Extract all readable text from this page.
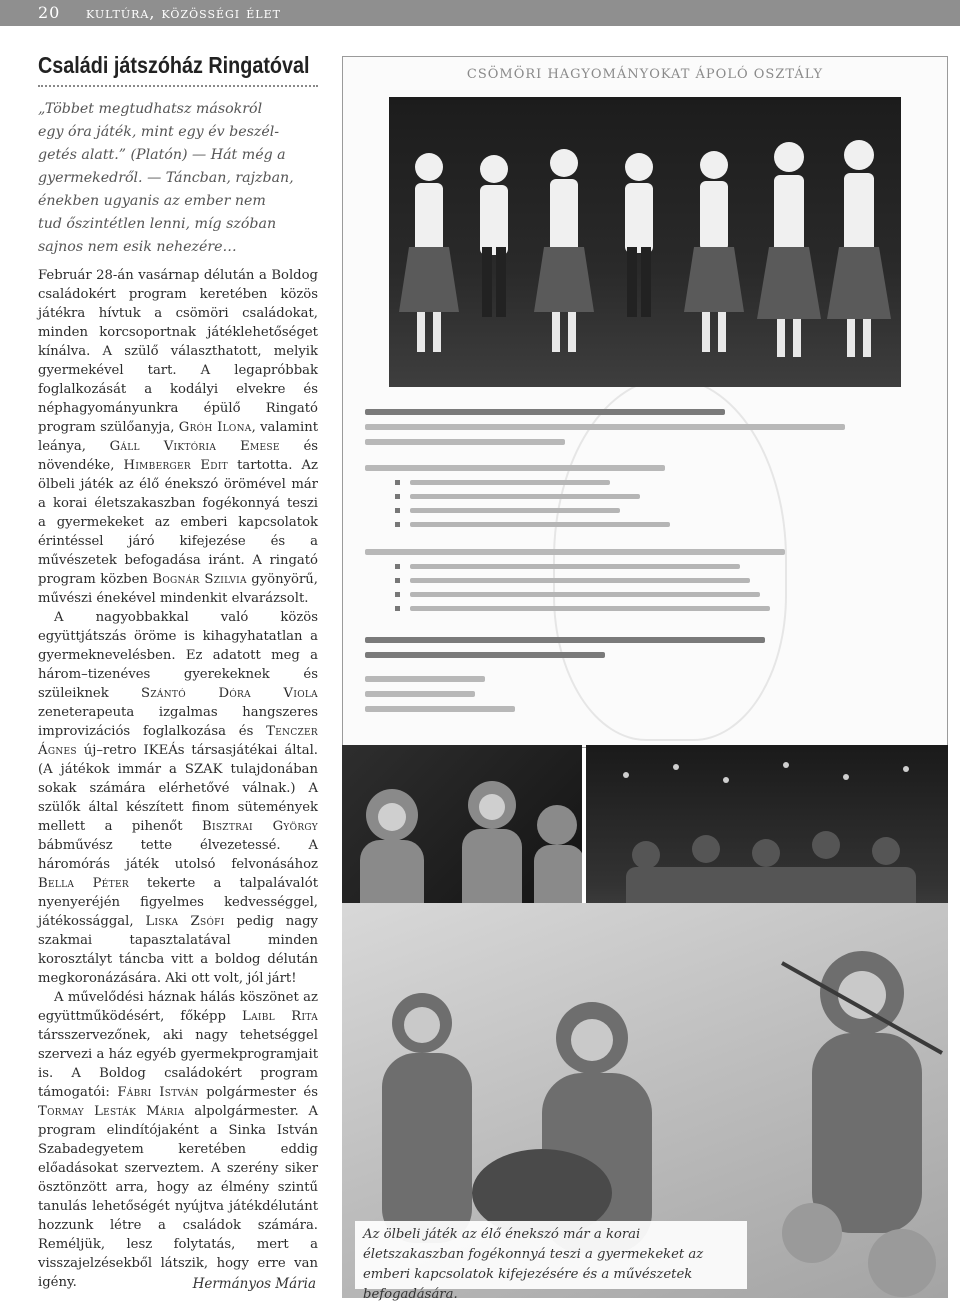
20 kultúra, közösségi élet
Családi játszóház Ringatóval
„Többet megtudhatsz másokról
egy óra játék, mint egy év beszél-
getés alatt.” (Platón) — Hát még a
gyermekedről. — Táncban, rajzban,
énekben ugyanis az ember nem
tud őszintétlen lenni, míg szóban
sajnos nem esik nehezére…

Február 28-án vasárnap délután a Boldog családokért program keretében közös játékra hívtuk a csömöri családokat, minden korcsoportnak játéklehetőséget kínálva. A szülő választhatott, melyik gyermekével tart. A legapróbbak foglalkozását a kodályi elvekre és néphagyományunkra épülő Ringató program szülőanyja, Gróh Ilona, valamint leánya, Gáll Viktória Emese és növendéke, Himberger Edit tartotta. Az ölbeli játék az élő énekszó örömével már a korai életszakaszban fogékonnyá teszi a gyermekeket az emberi kapcsolatok érintéssel járó kifejezése és a művészetek befogadása iránt. A ringató program közben Bognár Szilvia gyönyörű, művészi énekével mindenkit elvarázsolt.

A nagyobbakkal való közös együttjátszás öröme is kihagyhatatlan a gyermeknevelésben. Ez adatott meg a három–tizenéves gyerekeknek és szüleiknek Szántó Dóra Viola zeneterapeuta izgalmas hangszeres improvizációs foglalkozása és Tenczer Ágnes új–retro IKEÁs társasjátékai által. (A játékok immár a SZAK tulajdonában sokak számára elérhetővé válnak.) A szülők által készített finom sütemények mellett a pihenőt Bisztrai György bábművész tette élvezetessé. A háromórás játék utolsó felvonásához Bella Péter tekerte a talpalávalót nyenyeréjén figyelmes kedvességgel, játékossággal, Liska Zsófi pedig nagy szakmai tapasztalatával minden korosztályt táncba vitt a boldog délután megkoronázására. Aki ott volt, jól járt!

A művelődési háznak hálás köszönet az együttműködésért, főképp Laibl Rita társszervezőnek, aki nagy tehetséggel szervezi a ház egyéb gyermekprogramjait is. A Boldog családokért program támogatói: Fábri István polgármester és Tormay Lesták Mária alpolgármester. A program elindítójaként a Sinka István Szabadegyetem keretében eddig előadásokat szerveztem. A szerény siker ösztönzött arra, hogy az élmény szintű tanulás lehetőségét nyújtva játékdélutánt hozzunk létre a családok számára. Reméljük, lesz folytatás, mert a visszajelzésekből látszik, hogy erre van igény.	Hermányos Mária
CSÖMÖRI HAGYOMÁNYOKAT ÁPOLÓ OSZTÁLY
Az ölbeli játék az élő énekszó már a korai életszakaszban fogékonnyá teszi a gyermekeket az emberi kapcsolatok kifejezésére és a művészetek befogadására.
